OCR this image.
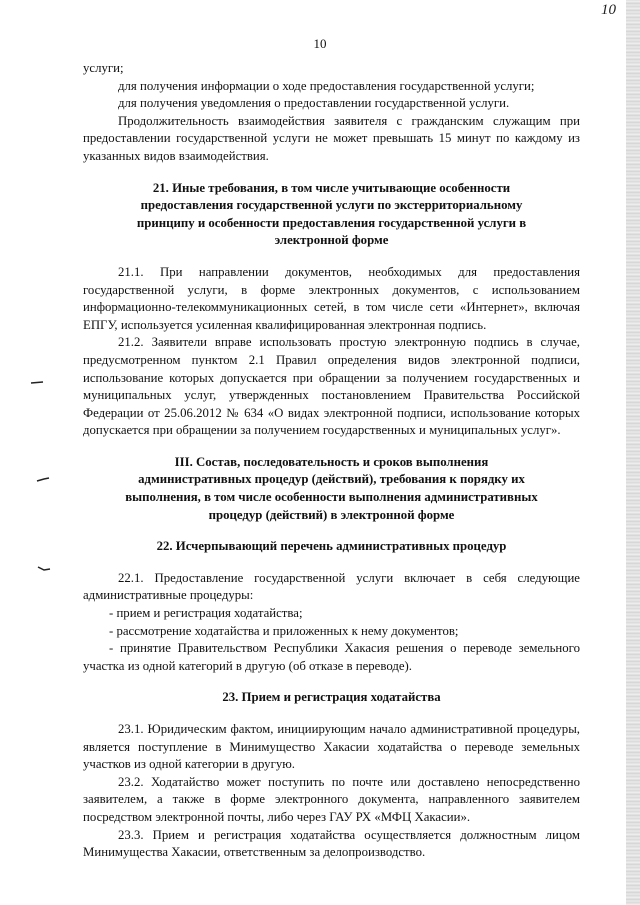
10
10

услуги;

для получения информации о ходе предоставления государственной услуги;

для получения уведомления о предоставлении государственной услуги.

Продолжительность взаимодействия заявителя с гражданским служащим при предоставлении государственной услуги не может превышать 15 минут по каждому из указанных видов взаимодействия.

21. Иные требования, в том числе учитывающие особенности предоставления государственной услуги по экстерриториальному принципу и особенности предоставления государственной услуги в электронной форме

21.1. При направлении документов, необходимых для предоставления государственной услуги, в форме электронных документов, с использованием информационно-телекоммуникационных сетей, в том числе сети «Интернет», включая ЕПГУ, используется усиленная квалифицированная электронная подпись.

21.2. Заявители вправе использовать простую электронную подпись в случае, предусмотренном пунктом 2.1 Правил определения видов электронной подписи, использование которых допускается при обращении за получением государственных и муниципальных услуг, утвержденных постановлением Правительства Российской Федерации от 25.06.2012 № 634 «О видах электронной подписи, использование которых допускается при обращении за получением государственных и муниципальных услуг».

III. Состав, последовательность и сроков выполнения административных процедур (действий), требования к порядку их выполнения, в том числе особенности выполнения административных процедур (действий) в электронной форме
22. Исчерпывающий перечень административных процедур

22.1. Предоставление государственной услуги включает в себя следующие административные процедуры:

- прием и регистрация ходатайства;

- рассмотрение ходатайства и приложенных к нему документов;

- принятие Правительством Республики Хакасия решения о переводе земельного участка из одной категорий в другую (об отказе в переводе).

23. Прием и регистрация ходатайства

23.1. Юридическим фактом, инициирующим начало административной процедуры, является поступление в Минимущество Хакасии ходатайства о переводе земельных участков из одной категории в другую.

23.2. Ходатайство может поступить по почте или доставлено непосредственно заявителем, а также в форме электронного документа, направленного заявителем посредством электронной почты, либо через ГАУ РХ «МФЦ Хакасии».

23.3. Прием и регистрация ходатайства осуществляется должностным лицом Минимущества Хакасии, ответственным за делопроизводство.
